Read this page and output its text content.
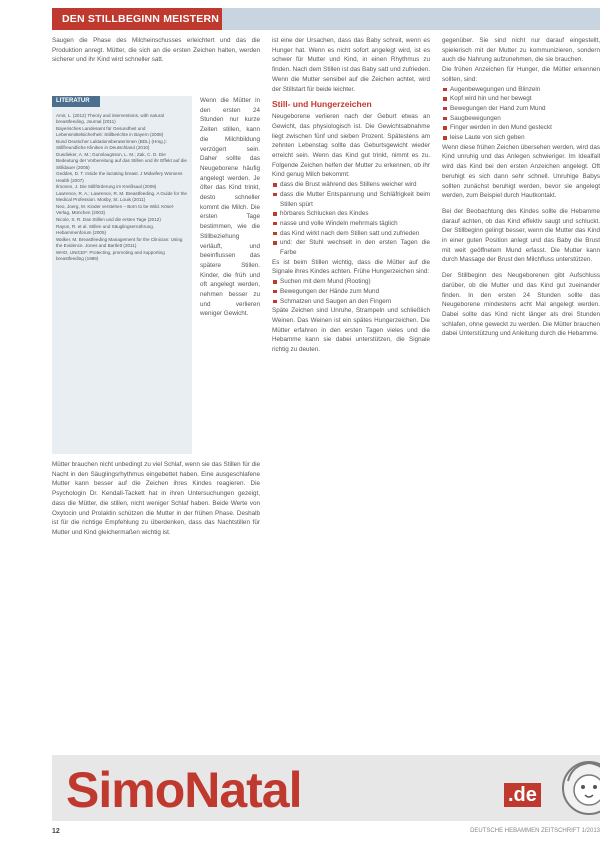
DEN STILLBEGINN MEISTERN
LITERATUR
Amir, L. (2012) Theory and interventions, with natural breastfeeding. Journal (2011)
Bayerisches Landesamt für Gesundheit und Lebensmittelsicherheit: Stillberichte in Bayern (2008)
Bund Deutscher Laktationsberaterinnen (BDL) (Hrsg.): Stillfreundliche Kliniken in Deutschland (2010)
Dusdieker, A. M.; Gunnlaugsson, L. M.; Zak, C. D. Die Bedeutung der Vorbereitung auf das Stillen und ihr Effekt auf die Stilldauer (2005)
Geddes, D. T. Inside the lactating breast. J Midwifery Womens Health (2007)
Ilmonen, J. Die Stillförderung im Kreißsaal (2009)
Lawrence, R. A.; Lawrence, R. M. Breastfeeding. A Guide for the Medical Profession. Mosby, St. Louis (2011)
Neo, Joerg, M. Kinder verstehen – Born to be Wild. Kösel-Verlag, München (2003)
Nicole, S. R. Das Stillen und die ersten Tage (2012)
Rayon, R. et al. Stillen und Säuglingsernährung. Hebammenforum (2005)
Walker, M. Breastfeeding Management for the Clinician: Using the Evidence. Jones and Bartlett (2011)
WHO, UNICEF: Protecting, promoting and supporting breastfeeding (1989)

Saugen die Phase des Milcheinschusses erleichtert und das die Produktion anregt. Mütter, die sich an die ersten Zeichen halten, werden sicherer und ihr Kind wird schneller satt.

Wenn die Mütter in den ersten 24 Stunden nur kurze Zeiten stillen, kann die Milchbildung verzögert sein. Daher sollte das Neugeborene häufig angelegt werden. Je öfter das Kind trinkt, desto schneller kommt die Milch. Die ersten Tage bestimmen, wie die Stillbeziehung verläuft, und beeinflussen das spätere Stillen. Kinder, die früh und oft angelegt werden, nehmen besser zu und verlieren weniger Gewicht.

Mütter brauchen nicht unbedingt zu viel Schlaf, wenn sie das Stillen für die Nacht in den Säuglingsrhythmus eingebettet haben. Eine ausgeschlafene Mutter kann besser auf die Zeichen ihres Kindes reagieren. Die Psychologin Dr. Kendall-Tackett hat in ihren Untersuchungen gezeigt, dass die Mütter, die stillen, nicht weniger Schlaf haben. Beide Werte von Oxytocin und Prolaktin schützen die Mutter in der frühen Phase. Deshalb ist für die richtige Empfehlung zu überdenken, dass das Nachtstillen für Mutter und Kind gleichermaßen wichtig ist.

ist eine der Ursachen, dass das Baby schreit, wenn es Hunger hat. Wenn es nicht sofort angelegt wird, ist es schwer für Mutter und Kind, in einen Rhythmus zu finden. Nach dem Stillen ist das Baby satt und zufrieden. Wenn die Mutter sensibel auf die Zeichen achtet, wird der Stillstart für beide leichter.

Still- und Hungerzeichen

Neugeborene verlieren nach der Geburt etwas an Gewicht, das physiologisch ist. Die Gewichtsabnahme liegt zwischen fünf und sieben Prozent. Spätestens am zehnten Lebenstag sollte das Geburtsgewicht wieder erreicht sein. Wenn das Kind gut trinkt, nimmt es zu. Folgende Zeichen helfen der Mutter zu erkennen, ob ihr Kind genug Milch bekommt:

dass die Brust während des Stillens weicher wird
dass die Mutter Entspannung und Schläfrigkeit beim Stillen spürt
hörbares Schlucken des Kindes
nasse und volle Windeln mehrmals täglich
das Kind wirkt nach dem Stillen satt und zufrieden
und: der Stuhl wechselt in den ersten Tagen die Farbe

Es ist beim Stillen wichtig, dass die Mütter auf die Signale ihres Kindes achten. Frühe Hungerzeichen sind:

Suchen mit dem Mund (Rooting)
Bewegungen der Hände zum Mund
Schmatzen und Saugen an den Fingern

Späte Zeichen sind Unruhe, Strampeln und schließlich Weinen. Das Weinen ist ein spätes Hungerzeichen. Die Mütter erfahren in den ersten Tagen vieles und die Hebamme kann sie dabei unterstützen, die Signale richtig zu deuten.

gegenüber. Sie sind nicht nur darauf eingestellt, spielerisch mit der Mutter zu kommunizieren, sondern auch die Nahrung aufzunehmen, die sie brauchen.

Die frühen Anzeichen für Hunger, die Mütter erkennen sollten, sind:

Augenbewegungen und Blinzeln
Kopf wird hin und her bewegt
Bewegungen der Hand zum Mund
Saugbewegungen
Finger werden in den Mund gesteckt
leise Laute von sich geben

Wenn diese frühen Zeichen übersehen werden, wird das Kind unruhig und das Anlegen schwieriger. Im Idealfall wird das Kind bei den ersten Anzeichen angelegt. Oft beruhigt es sich dann sehr schnell. Unruhige Babys sollten zunächst beruhigt werden, bevor sie angelegt werden, zum Beispiel durch Hautkontakt.

Bei der Beobachtung des Kindes sollte die Hebamme darauf achten, ob das Kind effektiv saugt und schluckt. Der Stillbeginn gelingt besser, wenn die Mutter das Kind in einer guten Position anlegt und das Baby die Brust mit weit geöffnetem Mund erfasst. Die Mutter kann durch Massage der Brust den Milchfluss unterstützen.

Der Stillbeginn des Neugeborenen gibt Aufschluss darüber, ob die Mutter und das Kind gut zueinander finden. In den ersten 24 Stunden sollte das Neugeborene mindestens acht Mal angelegt werden. Dabei sollte das Kind nicht länger als drei Stunden schlafen, ohne geweckt zu werden. Die Mütter brauchen dabei Unterstützung und Anleitung durch die Hebamme.

SimoNatal	.de
12	DEUTSCHE HEBAMMEN ZEITSCHRIFT 1/2013
